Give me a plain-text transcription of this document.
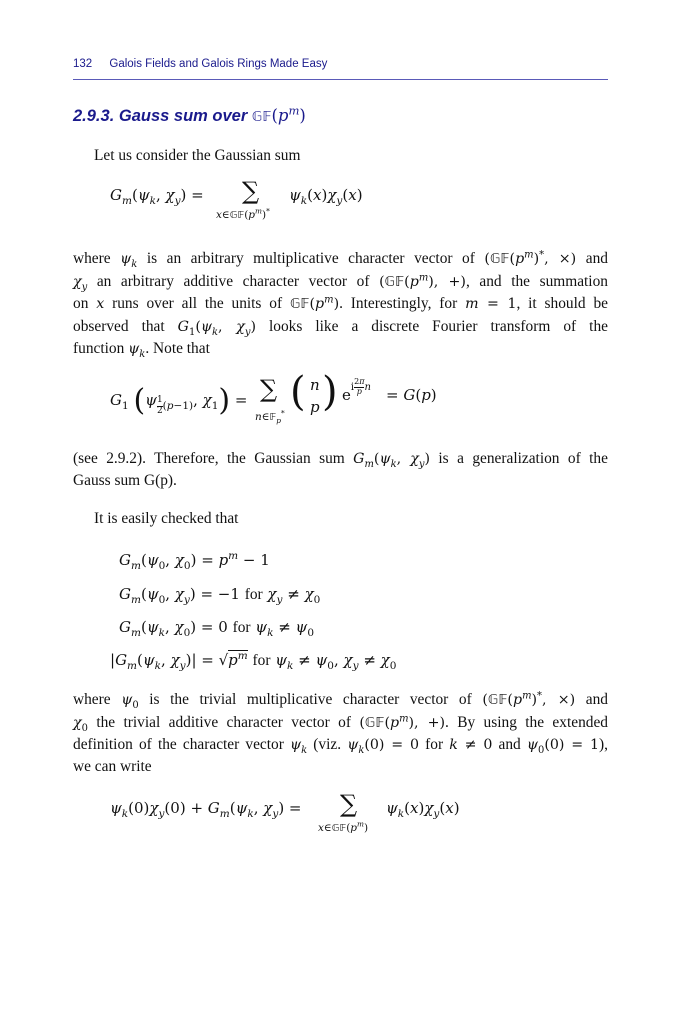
132 Galois Fields and Galois Rings Made Easy
2.9.3. Gauss sum over $𝔾𝔽(p^m)$
Let us consider the Gaussian sum
$G_m(\psi_k$, $\chi_y$) = ∑
$x\in 𝔾𝔽(p^m)^*$
$\psi_k(x)\chi_y(x)$
where $\psi_k$ is an arbitrary multiplicative character vector of ($𝔾𝔽(p^m)^*$, ×) and
$\chi_y$ an arbitrary additive character vector of ($𝔾𝔽(p^m)$, +), and the summation
on x runs over all the units of $𝔾𝔽(p^m)$. Interestingly, for m = 1, it should be
observed that $G_1(\psi_k$, $\chi_y$) looks like a discrete Fourier transform of the
function $\psi_k$. Note that
$G_1$ (ψ $_{\frac{1}{2} (p-1)}$, $\chi_1$) = ∑
n∈𝔽$_p$* ( n
p ) $e^{i \frac{2\pi}{p} n} = G(p)$
(see 2.9.2). Therefore, the Gaussian sum $G_m(\psi_k$, $\chi_y$) is a generalization of the
Gauss sum G(p).
It is easily checked that
$G_m(\psi_0$, $\chi_0) = p^m - 1$
$G_m(\psi_0$, $\chi_y) = -1$ for $\chi_y \ne \chi_0$
$G_m(\psi_k$, $\chi_0) = 0$ for $\psi_k \ne \psi_0$
$|G_m(\psi_k$, $\chi_y)| = √p^m$ for $\psi_k \ne \psi_0$, $\chi_y \ne \chi_0$
where $\psi_0$ is the trivial multiplicative character vector of ($𝔾𝔽(p^m)^*$, ×) and
$\chi_0$ the trivial additive character vector of ($𝔾𝔽(p^m)$, +). By using the extended
definition of the character vector $\psi_k$ (viz. $\psi_k(0) = 0$ for k ≠ 0 and $\psi_0(0) = 1$),
we can write
$\psi_k(0)\chi_y(0) + G_m(\psi_k$, $\chi_y$) = ∑
$x\in 𝔾𝔽(p^m)$
$\psi_k(x)\chi_y(x)$
